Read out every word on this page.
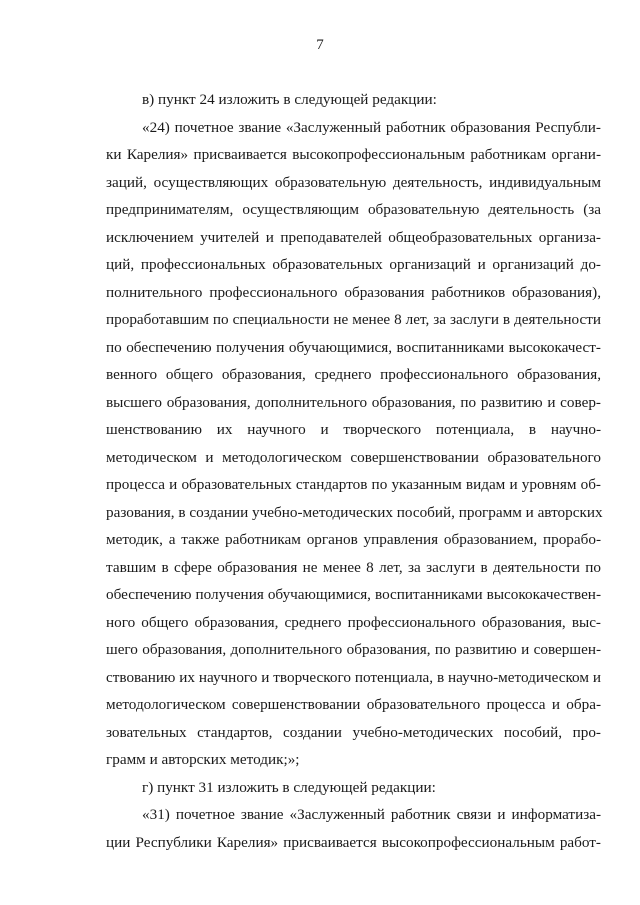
7
в) пункт 24 изложить в следующей редакции:
«24) почетное звание «Заслуженный работник образования Республи-
ки Карелия» присваивается высокопрофессиональным работникам органи-
заций, осуществляющих образовательную деятельность, индивидуальным
предпринимателям, осуществляющим образовательную деятельность (за
исключением учителей и преподавателей общеобразовательных организа-
ций, профессиональных образовательных организаций и организаций до-
полнительного профессионального образования работников образования),
проработавшим по специальности не менее 8 лет, за заслуги в деятельности
по обеспечению получения обучающимися, воспитанниками высококачест-
венного общего образования, среднего профессионального образования,
высшего образования, дополнительного образования, по развитию и совер-
шенствованию их научного и творческого потенциала, в научно-
методическом и методологическом совершенствовании образовательного
процесса и образовательных стандартов по указанным видам и уровням об-
разования, в создании учебно-методических пособий, программ и авторских
методик, а также работникам органов управления образованием, прорабо-
тавшим в сфере образования не менее 8 лет, за заслуги в деятельности по
обеспечению получения обучающимися, воспитанниками высококачествен-
ного общего образования, среднего профессионального образования, выс-
шего образования, дополнительного образования, по развитию и совершен-
ствованию их научного и творческого потенциала, в научно-методическом и
методологическом совершенствовании образовательного процесса и обра-
зовательных стандартов, создании учебно-методических пособий, про-
грамм и авторских методик;»;
г) пункт 31 изложить в следующей редакции:
«31) почетное звание «Заслуженный работник связи и информатиза-
ции Республики Карелия» присваивается высокопрофессиональным работ-
